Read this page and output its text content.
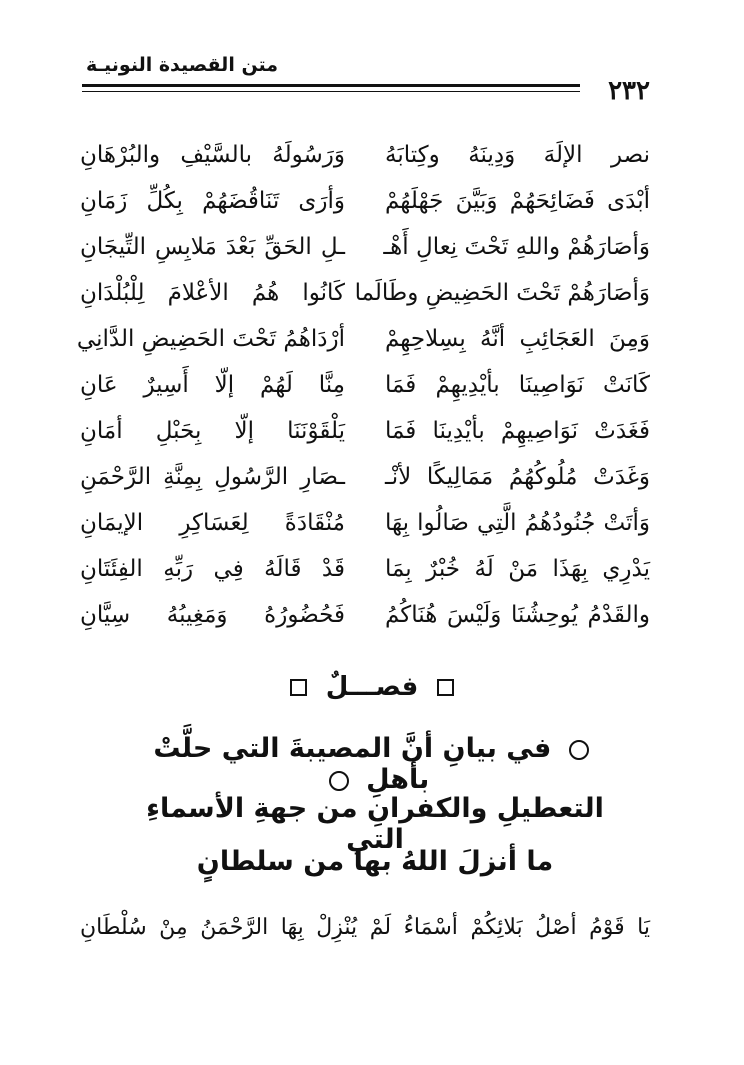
٢٣٢
متن القصيدة النونيـة
نصر الإلَهَ وَدِينَهُ وكِتابَهُ
وَرَسُولَهُ بالسَّيْفِ والبُرْهَانِ
أبْدَى فَضَائِحَهُمْ وَبَيَّنَ جَهْلَهُمْ
وَأرَى تَنَاقُضَهُمْ بِكُلِّ زَمَانِ
وَأصَارَهُمْ واللهِ تَحْتَ نِعالِ أَهْـ
ـلِ الحَقِّ بَعْدَ مَلابِسِ التِّيجَانِ
وَأصَارَهُمْ تَحْتَ الحَضِيضِ وطَالَما
كَانُوا هُمُ الأعْلامَ لِلْبُلْدَانِ
وَمِنَ العَجَائِبِ أنَّهُ بِسِلاحِهِمْ
أرْدَاهُمُ تَحْتَ الحَضِيضِ الدَّانِي
كَانَتْ نَوَاصِينَا بأيْدِيهِمْ فَمَا
مِنَّا لَهُمْ إلّا أَسِيرٌ عَانِ
فَغَدَتْ نَوَاصِيهِمْ بأيْدِينَا فَمَا
يَلْقَوْنَنَا إلّا بِحَبْلِ أمَانِ
وَغَدَتْ مُلُوكُهُمُ مَمَالِيكًا لأنْـ
ـصَارِ الرَّسُولِ بِمِنَّةِ الرَّحْمَنِ
وَأتَتْ جُنُودُهُمُ الَّتِي صَالُوا بِهَا
مُنْقَادَةً لِعَسَاكِرِ الإيمَانِ
يَدْرِي بِهَذَا مَنْ لَهُ خُبْرٌ بِمَا
قَدْ قَالَهُ فِي رَبِّهِ الفِئَتَانِ
والقَدْمُ يُوحِشُنَا وَلَيْسَ هُنَاكُمُ
فَحُضُورُهُ وَمَغِيبُهُ سِيَّانِ
فصـــلٌ
في بيانِ أنَّ المصيبةَ التي حلَّتْ بأهلِ
التعطيلِ والكفرانِ من جهةِ الأسماءِ التي
ما أنزلَ اللهُ بها من سلطانٍ
يَا قَوْمُ أصْلُ بَلائِكُمْ أسْمَاءُ لَمْ يُنْزِلْ بِهَا الرَّحْمَنُ مِنْ سُلْطَانِ
